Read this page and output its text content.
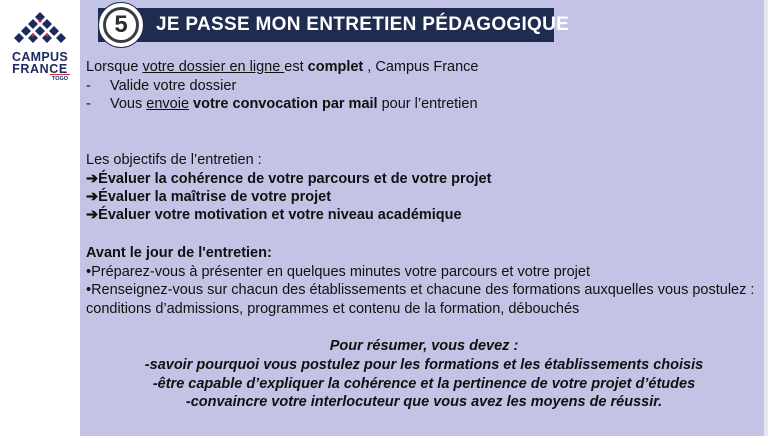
CAMPUS
FRANCE
TOGO
JE PASSE MON ENTRETIEN PÉDAGOGIQUE
5
Lorsque votre dossier en ligne est complet , Campus France
- Valide votre dossier
- Vous envoie votre convocation par mail pour l’entretien
Les objectifs de l’entretien :
➔Évaluer la cohérence de votre parcours et de votre projet
➔Évaluer la maîtrise de votre projet
➔Évaluer votre motivation et votre niveau académique
Avant le jour de l'entretien:
•Préparez-vous à présenter en quelques minutes votre parcours et votre projet
•Renseignez-vous sur chacun des établissements et chacune des formations auxquelles vous postulez :
conditions d’admissions, programmes et contenu de la formation, débouchés
Pour résumer, vous devez :
-savoir pourquoi vous postulez pour les formations et les établissements choisis
-être capable d’expliquer la cohérence et la pertinence de votre projet d’études
-convaincre votre interlocuteur que vous avez les moyens de réussir.
